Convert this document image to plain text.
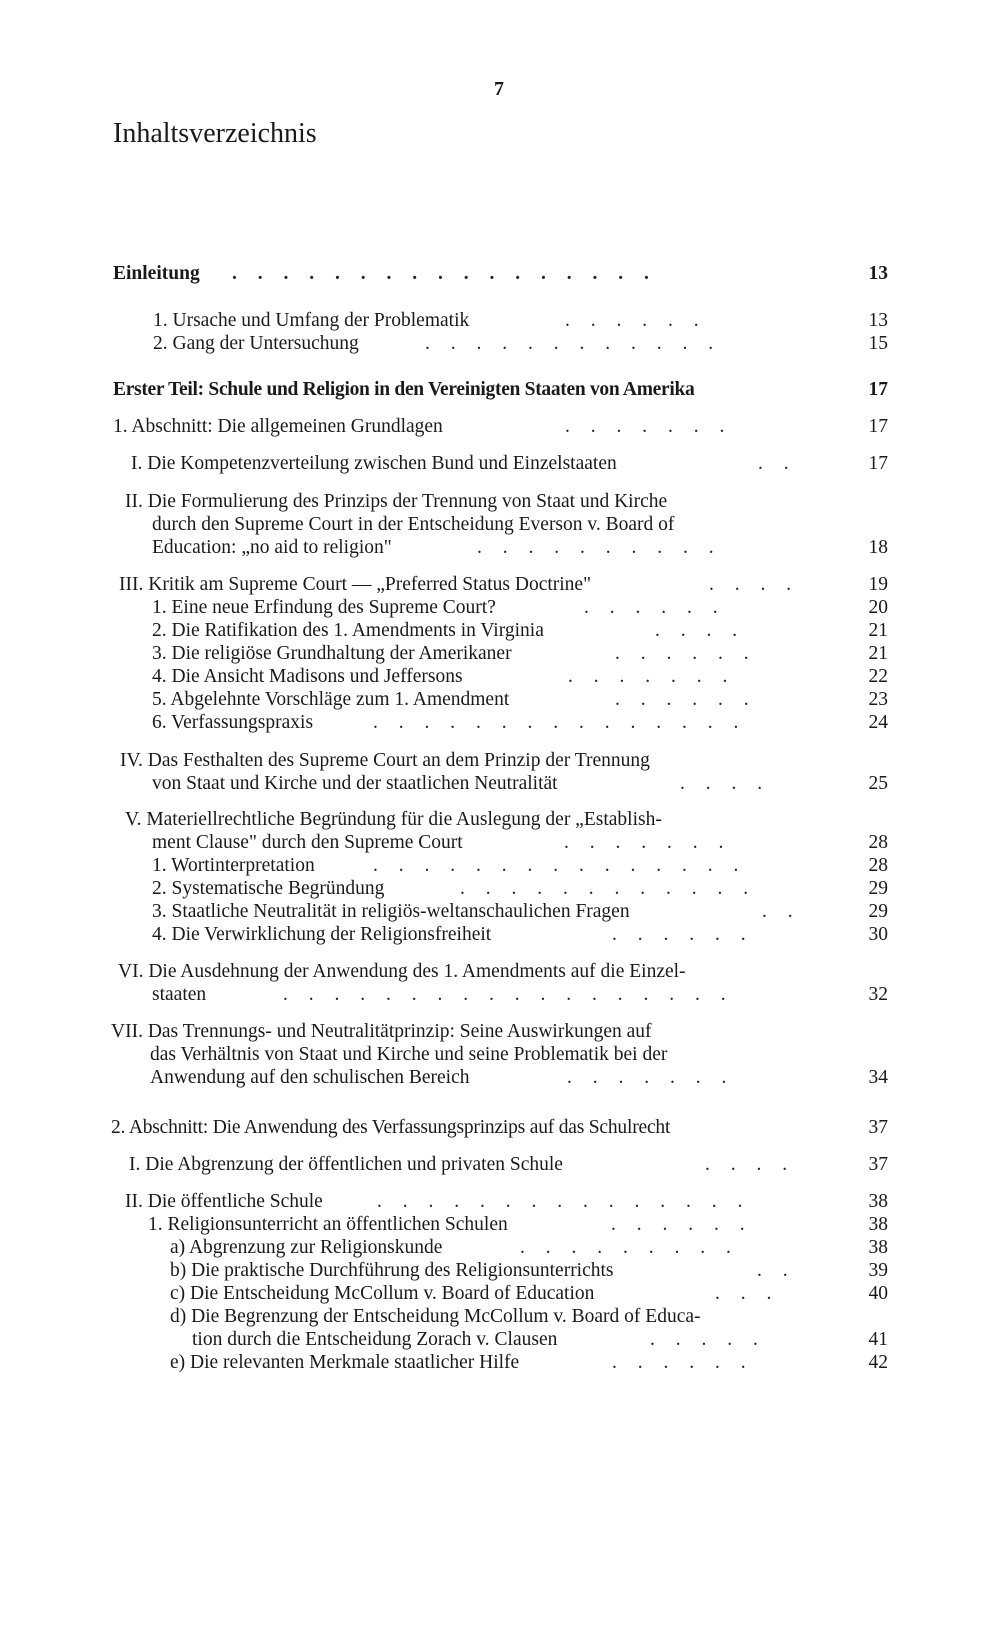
7
Inhaltsverzeichnis
Einleitung . . . . . . . . . . . . . . . . .	13
1. Ursache und Umfang der Problematik	. . . . . .	13
2. Gang der Untersuchung	. . . . . . . . . . . .	15
Erster Teil: Schule und Religion in den Vereinigten Staaten von Amerika	17
1. Abschnitt: Die allgemeinen Grundlagen	. . . . . . .	17
I. Die Kompetenzverteilung zwischen Bund und Einzelstaaten	. .	17
II. Die Formulierung des Prinzips der Trennung von Staat und Kirche
durch den Supreme Court in der Entscheidung Everson v. Board of
Education: „no aid to religion"	. . . . . . . . . .	18
III. Kritik am Supreme Court — „Preferred Status Doctrine"	. . . .	19
1. Eine neue Erfindung des Supreme Court?	. . . . . .	20
2. Die Ratifikation des 1. Amendments in Virginia	. . . .	21
3. Die religiöse Grundhaltung der Amerikaner	. . . . . .	21
4. Die Ansicht Madisons und Jeffersons	. . . . . . .	22
5. Abgelehnte Vorschläge zum 1. Amendment	. . . . . .	23
6. Verfassungspraxis	. . . . . . . . . . . . . . .	24
IV. Das Festhalten des Supreme Court an dem Prinzip der Trennung
von Staat und Kirche und der staatlichen Neutralität	. . . .	25
V. Materiellrechtliche Begründung für die Auslegung der „Establish-
ment Clause" durch den Supreme Court	. . . . . . .	28
1. Wortinterpretation	. . . . . . . . . . . . . . .	28
2. Systematische Begründung	. . . . . . . . . . . .	29
3. Staatliche Neutralität in religiös-weltanschaulichen Fragen	. .	29
4. Die Verwirklichung der Religionsfreiheit	. . . . . .	30
VI. Die Ausdehnung der Anwendung des 1. Amendments auf die Einzel-
staaten	. . . . . . . . . . . . . . . . . .	32
VII. Das Trennungs- und Neutralitätprinzip: Seine Auswirkungen auf
das Verhältnis von Staat und Kirche und seine Problematik bei der
Anwendung auf den schulischen Bereich	. . . . . . .	34
2. Abschnitt: Die Anwendung des Verfassungsprinzips auf das Schulrecht	37
I. Die Abgrenzung der öffentlichen und privaten Schule	. . . .	37
II. Die öffentliche Schule	. . . . . . . . . . . . . . .	38
1. Religionsunterricht an öffentlichen Schulen	. . . . . .	38
a) Abgrenzung zur Religionskunde	. . . . . . . . .	38
b) Die praktische Durchführung des Religionsunterrichts	. .	39
c) Die Entscheidung McCollum v. Board of Education	. . .	40
d) Die Begrenzung der Entscheidung McCollum v. Board of Educa-
tion durch die Entscheidung Zorach v. Clausen	. . . . .	41
e) Die relevanten Merkmale staatlicher Hilfe	. . . . . .	42
